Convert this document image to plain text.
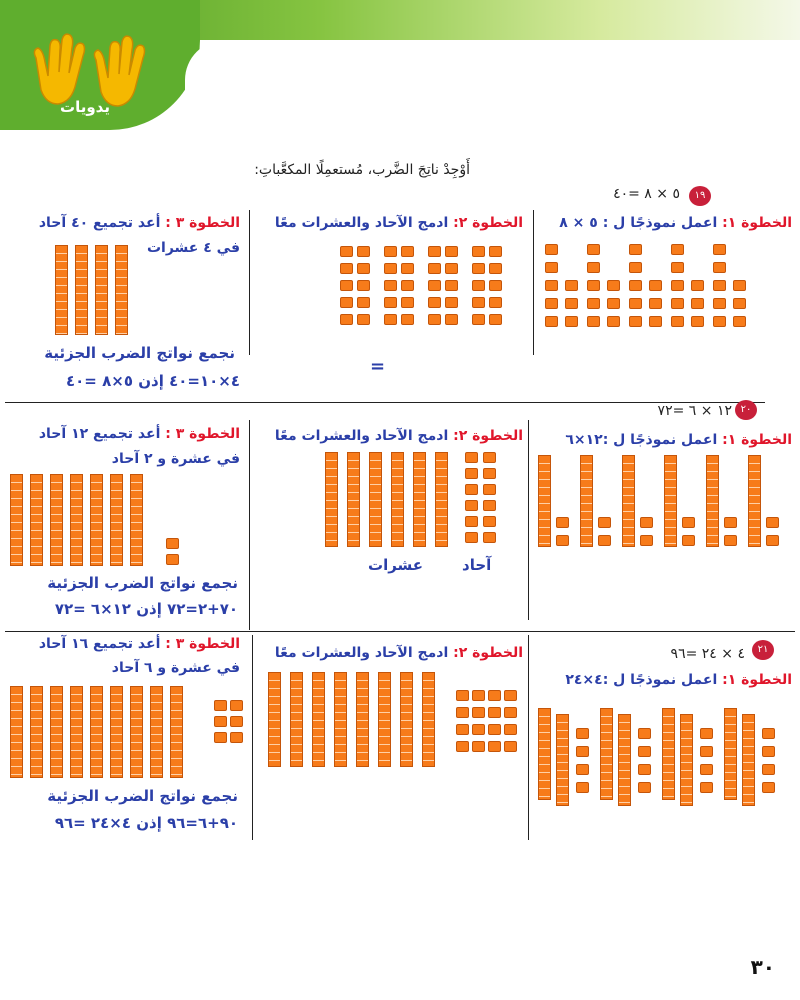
يدويات
أَوْجِدْ ناتِجَ الضَّرب، مُستعمِلًا المكعَّباتِ:
١٩
٥ × ٨ =٤٠
الخطوة ١: اعمل نموذجًا ل : ٥ × ٨
الخطوة ٢: ادمج الآحاد والعشرات معًا
الخطوة ٣ : أعد تجميع ٤٠ آحاد
في ٤ عشرات
نجمع نواتج الضرب الجزئية
٤×١٠=٤٠ إذن ٥×٨ =٤٠
=
٢٠
١٢ × ٦ =٧٢
الخطوة ١: اعمل نموذجًا ل :١٢×٦
الخطوة ٢: ادمج الآحاد والعشرات معًا
الخطوة ٣ : أعد تجميع ١٢ آحاد
في عشرة و ٢ آحاد
آحاد
عشرات
نجمع نواتج الضرب الجزئية
٧٠+٢=٧٢ إذن ١٢×٦ =٧٢
٢١
٤ × ٢٤ =٩٦
الخطوة ١: اعمل نموذجًا ل :٤×٢٤
الخطوة ٢: ادمج الآحاد والعشرات معًا
الخطوة ٣ : أعد تجميع ١٦ آحاد
في عشرة و ٦ آحاد
نجمع نواتج الضرب الجزئية
٩٠+٦=٩٦ إذن ٤×٢٤ =٩٦
٣٠
